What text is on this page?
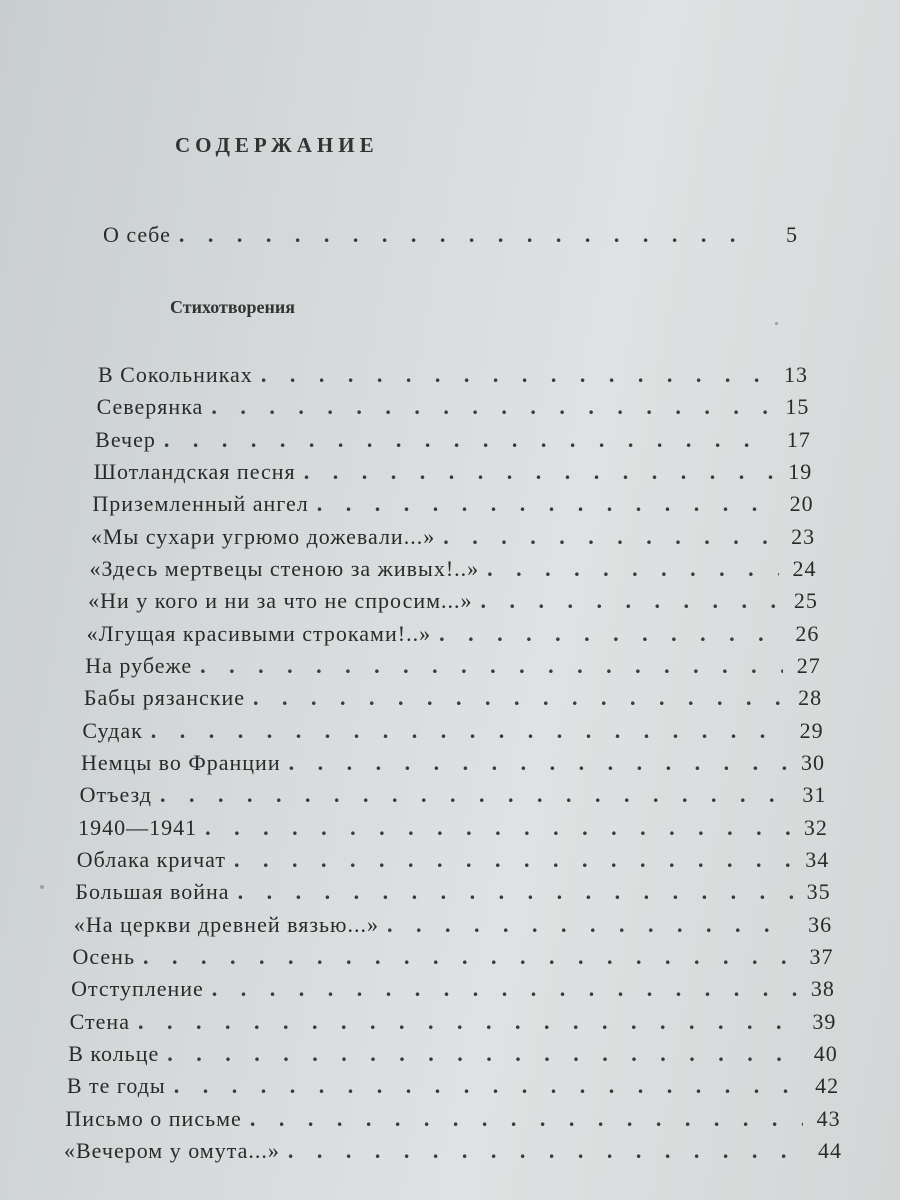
СОДЕРЖАНИЕ
О себе . . .	5
Стихотворения
В Сокольниках . . .	13
Северянка . . .	15
Вечер . . .	17
Шотландская песня . . .	19
Приземленный ангел . . .	20
«Мы сухари угрюмо дожевали...» . . .	23
«Здесь мертвецы стеною за живых!..» . . .	24
«Ни у кого и ни за что не спросим...» . . .	25
«Лгущая красивыми строками!..» . . .	26
На рубеже . . .	27
Бабы рязанские . . .	28
Судак . . .	29
Немцы во Франции . . .	30
Отъезд . . .	31
1940—1941 . . .	32
Облака кричат . . .	34
Большая война . . .	35
«На церкви древней вязью...» . . .	36
Осень . . .	37
Отступление . . .	38
Стена . . .	39
В кольце . . .	40
В те годы . . .	42
Письмо о письме . . .	43
«Вечером у омута...» . . .	44
